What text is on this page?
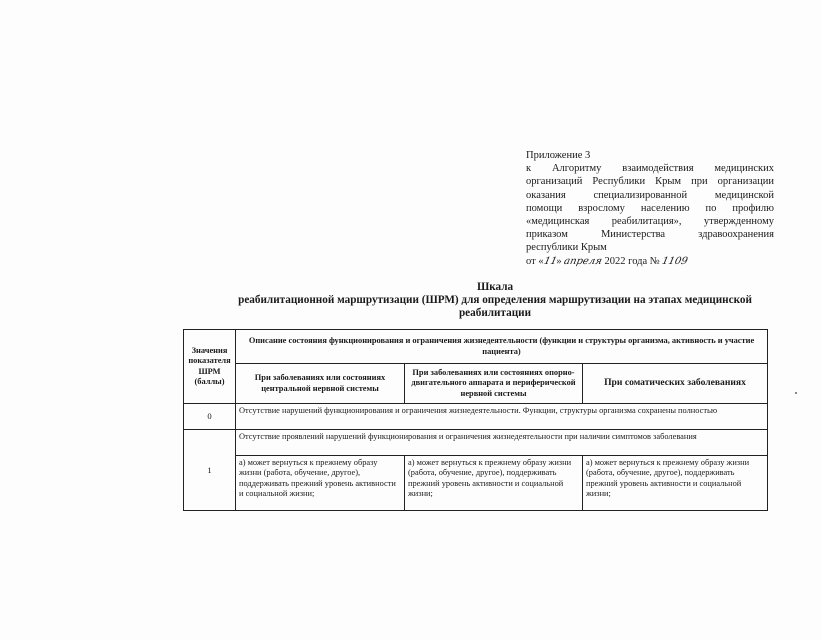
Приложение 3
к Алгоритму взаимодействия медицинских
организаций Республики Крым при организации
оказания специализированной медицинской
помощи взрослому населению по профилю
«медицинская реабилитация», утвержденному
приказом Министерства здравоохранения
республики Крым
от «11» апреля 2022 года № 1109
Шкала
реабилитационной маршрутизации (ШРМ) для определения маршрутизации на этапах медицинской
реабилитации
Значения показателя ШРМ (баллы)	Описание состояния функционирования и ограничения жизнедеятельности (функции и структуры организма, активность и участие пациента)		
	При заболеваниях или состояниях центральной нервной системы	При заболеваниях или состояниях опорно-двигательного аппарата и периферической нервной системы	При соматических заболеваниях
0	Отсутствие нарушений функционирования и ограничения жизнедеятельности. Функции, структуры организма сохранены полностью		
1	Отсутствие проявлений нарушений функционирования и ограничения жизнедеятельности при наличии симптомов заболевания		
	а) может вернуться к прежнему образу жизни (работа, обучение, другое), поддерживать прежний уровень активности и социальной жизни;	а) может вернуться к прежнему образу жизни (работа, обучение, другое), поддерживать прежний уровень активности и социальной жизни;	а) может вернуться к прежнему образу жизни (работа, обучение, другое), поддерживать прежний уровень активности и социальной жизни;
